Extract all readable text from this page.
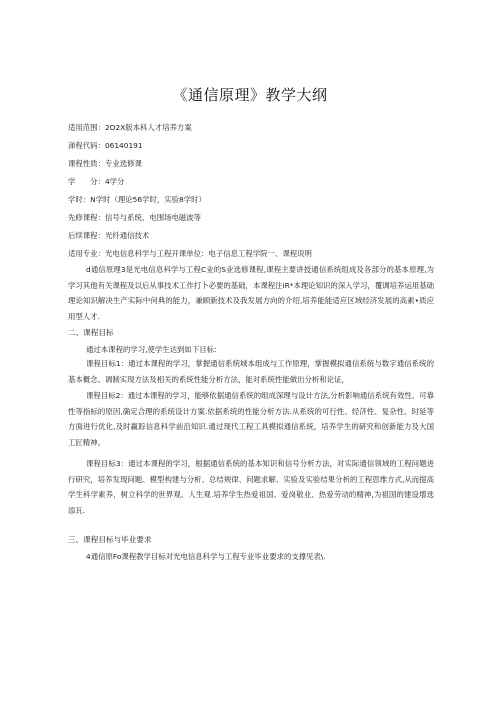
《通信原理》教学大纲
适用范围：2O2X版本科人才培养方案
涕程代码：06140191
课程性质：专业选修课
学　　分：4学分
学时：N学时（理论56学时，实验8学时）
先修课程：信号与系统、电围场电磁波等
后续课程：光纤通信技术
适用专业：光电信息科学与工程开课单位：电子信息工程学院一、课程说明
d通信原理3是光电信息科学与工程C业的S业选修课程,课程主要讲授通信系统组成及各部分的基本原理,为学习其他有关课程及以后从事技术工作打卜必要的基础，本课程注iR*本理论知识的深入学习，覆调培养运用基础理论知识解决生产实际中何典的能力，兼顾新技术及我发展方向的介绍,培养能能适应区域经济发展的高素•质应用型人才.
二、课程目标
通过本课程的学习,使学生达到如下目标:
课程目标1：通过本课程的学习，掌握通信系统城本组成与工作原理，掌握模拟通信系统与数字通信系统的基本概念、调制实现方法及相关的系统性能分析方法，能对系统性能做出分析和论证，
课程目标2：通过本课程的学习，能够依据通信系统的组成深理与设计方法,分析影响通信系统有效性、可靠性等指标的原因,确定合理的系统设计方案.依据系统的性能分析方法.从系统的可行性、经济性、复杂性、时延等方面进行优化,及时赢踪信息科学前沿知识.通过现代工程工具模拟通信系统，培养学生的研究和创新能力及大国工匠精神。
课程目标3：通过本课程的学习，根据通信系统的基本知识和信号分析方法，对实际通信领域的工程问题进行研究，培养发现问题、模型构建与分析、总结规律、问题求解、实验及实验结果分析的工程思维方式,从而提高学生科学素养，树立科学的世界观、人生观.培养学生热爱祖国、爱岗敬业、热爱劳动的精神,为祖国的建设增选添瓦.
三、课程目标与毕业要求
4通信原Fo课程教学目标对光电信息科学与工程专业毕业要求的支撑见表\.
